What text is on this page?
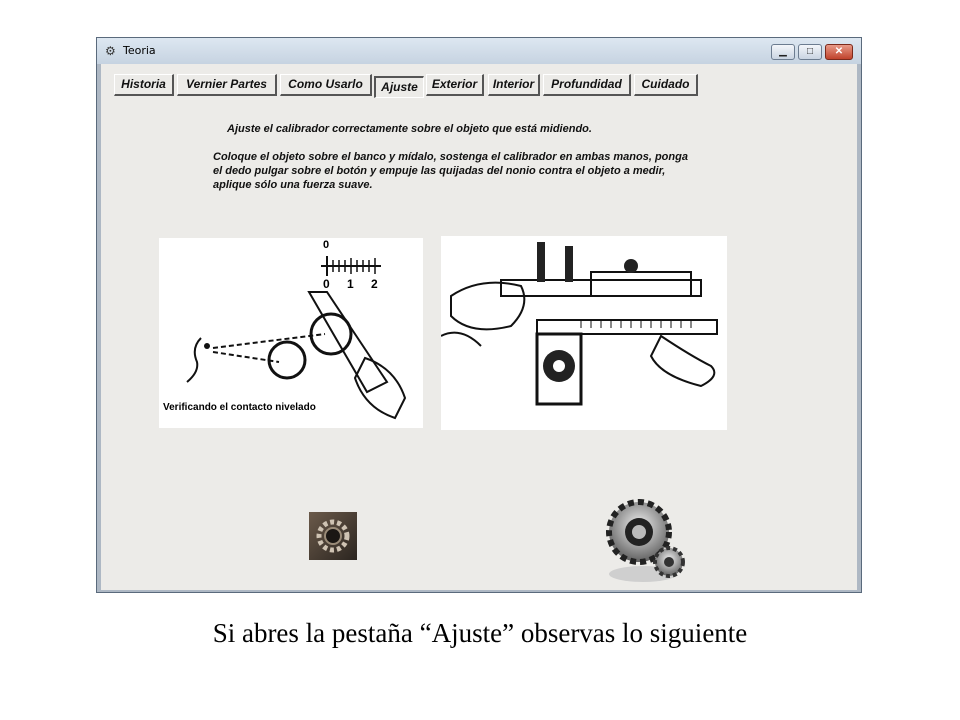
⚙ Teoria	▁	□	✕
Historia	Vernier Partes	Como Usarlo	Ajuste	Exterior	Interior	Profundidad	Cuidado
Ajuste el calibrador correctamente sobre el objeto que está midiendo.
Coloque el objeto sobre el banco y mídalo, sostenga el calibrador en ambas manos, ponga el dedo pulgar sobre el botón y empuje las quijadas del nonio contra el objeto a medir, aplique sólo una fuerza suave.
0
0 1 2
Verificando el contacto nivelado
Si abres la pestaña “Ajuste” observas lo siguiente
